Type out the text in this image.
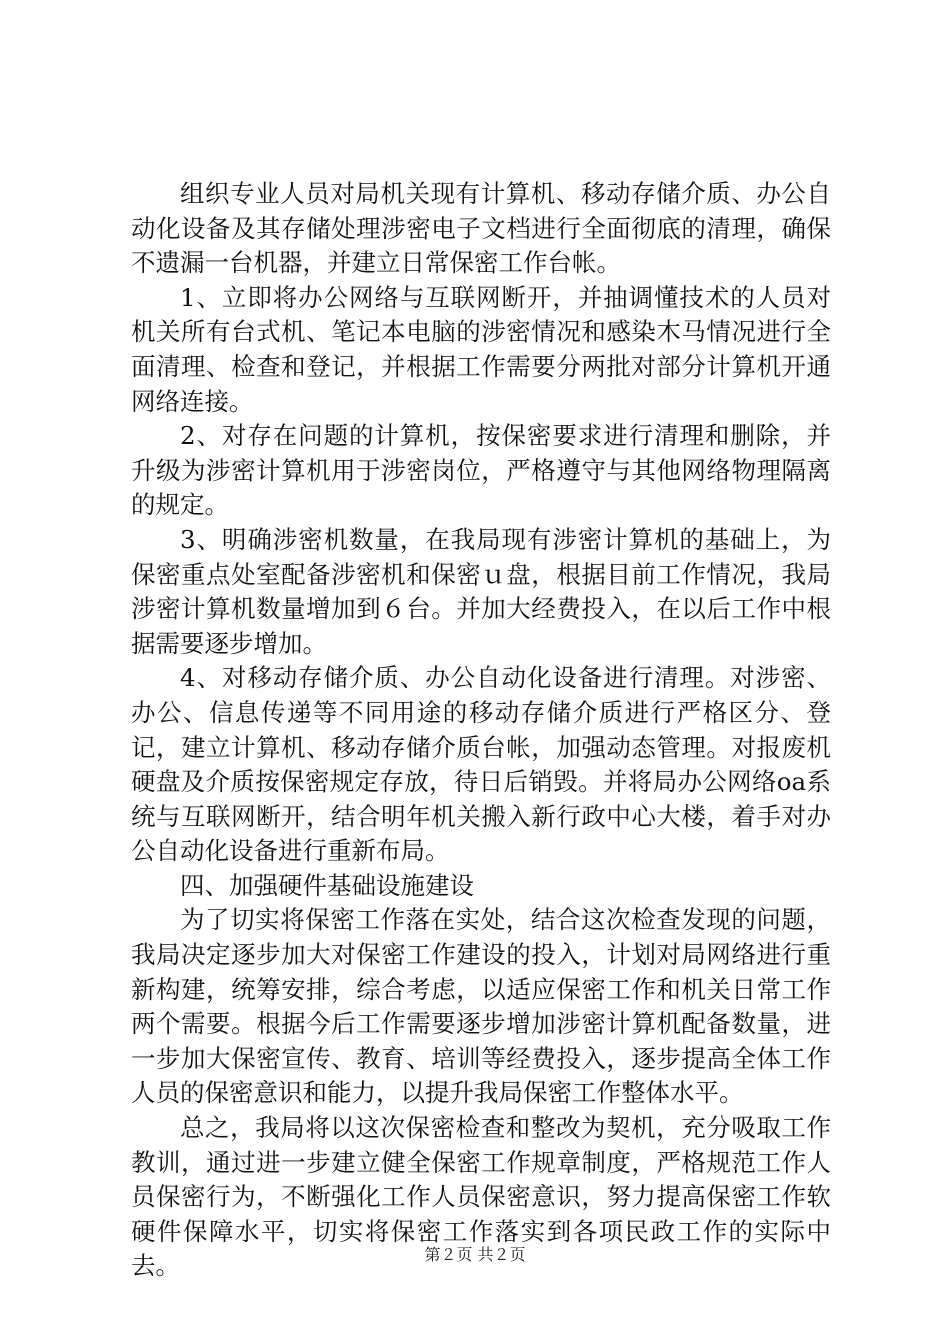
组织专业人员对局机关现有计算机、移动存储介质、办公自动化设备及其存储处理涉密电子文档进行全面彻底的清理，确保不遗漏一台机器，并建立日常保密工作台帐。

1、立即将办公网络与互联网断开，并抽调懂技术的人员对机关所有台式机、笔记本电脑的涉密情况和感染木马情况进行全面清理、检查和登记，并根据工作需要分两批对部分计算机开通网络连接。

2、对存在问题的计算机，按保密要求进行清理和删除，并升级为涉密计算机用于涉密岗位，严格遵守与其他网络物理隔离的规定。

3、明确涉密机数量，在我局现有涉密计算机的基础上，为保密重点处室配备涉密机和保密ｕ盘，根据目前工作情况，我局涉密计算机数量增加到６台。并加大经费投入，在以后工作中根据需要逐步增加。

4、对移动存储介质、办公自动化设备进行清理。对涉密、办公、信息传递等不同用途的移动存储介质进行严格区分、登记，建立计算机、移动存储介质台帐，加强动态管理。对报废机硬盘及介质按保密规定存放，待日后销毁。并将局办公网络oa系统与互联网断开，结合明年机关搬入新行政中心大楼，着手对办公自动化设备进行重新布局。

四、加强硬件基础设施建设

为了切实将保密工作落在实处，结合这次检查发现的问题，我局决定逐步加大对保密工作建设的投入，计划对局网络进行重新构建，统筹安排，综合考虑，以适应保密工作和机关日常工作两个需要。根据今后工作需要逐步增加涉密计算机配备数量，进一步加大保密宣传、教育、培训等经费投入，逐步提高全体工作人员的保密意识和能力，以提升我局保密工作整体水平。

总之，我局将以这次保密检查和整改为契机，充分吸取工作教训，通过进一步建立健全保密工作规章制度，严格规范工作人员保密行为，不断强化工作人员保密意识，努力提高保密工作软硬件保障水平，切实将保密工作落实到各项民政工作的实际中去。	第２页 共２页
